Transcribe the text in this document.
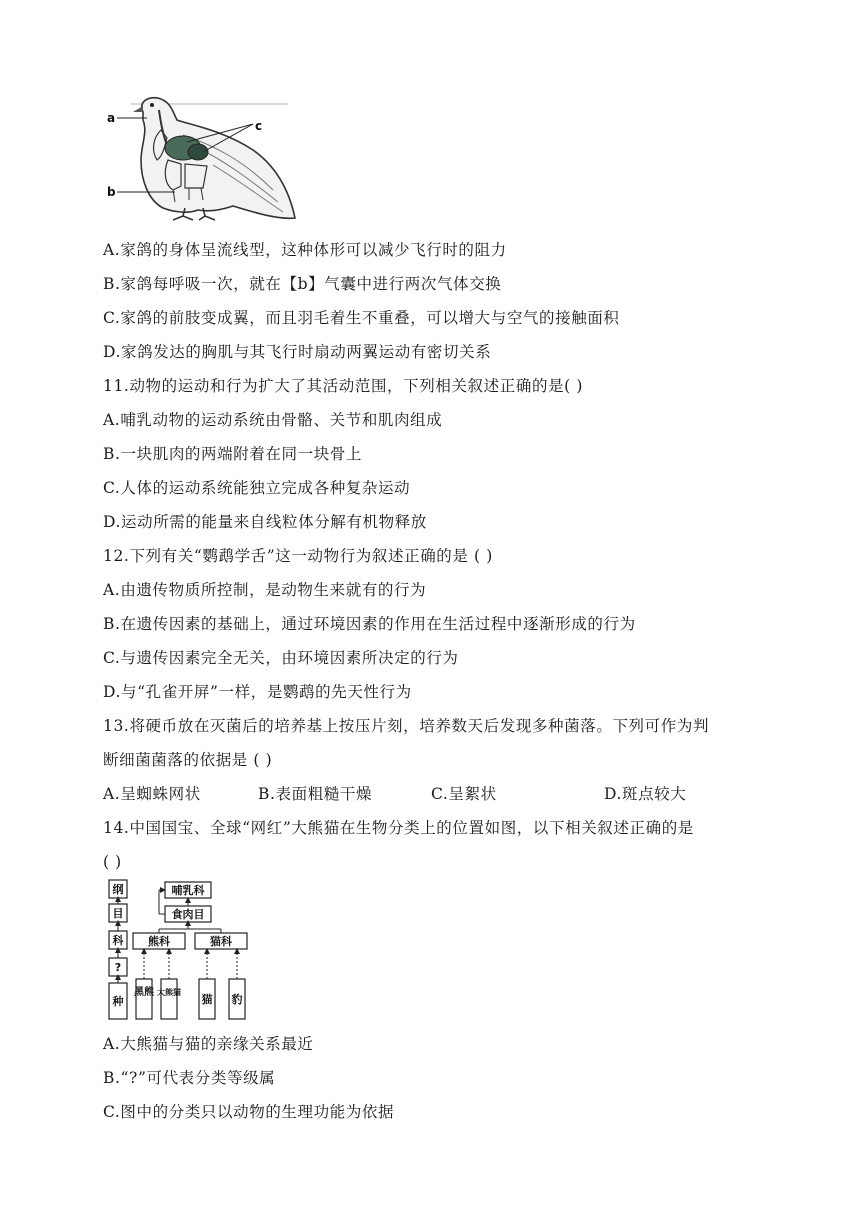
a
b
c
A.家鸽的身体呈流线型，这种体形可以减少飞行时的阻力
B.家鸽每呼吸一次，就在【b】气囊中进行两次气体交换
C.家鸽的前肢变成翼，而且羽毛着生不重叠，可以增大与空气的接触面积
D.家鸽发达的胸肌与其飞行时扇动两翼运动有密切关系
11.动物的运动和行为扩大了其活动范围，下列相关叙述正确的是( )
A.哺乳动物的运动系统由骨骼、关节和肌肉组成
B.一块肌肉的两端附着在同一块骨上
C.人体的运动系统能独立完成各种复杂运动
D.运动所需的能量来自线粒体分解有机物释放
12.下列有关“鹦鹉学舌”这一动物行为叙述正确的是 ( )
A.由遗传物质所控制，是动物生来就有的行为
B.在遗传因素的基础上，通过环境因素的作用在生活过程中逐渐形成的行为
C.与遗传因素完全无关，由环境因素所决定的行为
D.与“孔雀开屏”一样，是鹦鹉的先天性行为
13.将硬币放在灭菌后的培养基上按压片刻，培养数天后发现多种菌落。下列可作为判
断细菌菌落的依据是 ( )
A.呈蜘蛛网状	B.表面粗糙干燥	C.呈絮状	D.斑点较大
14.中国国宝、全球“网红”大熊猫在生物分类上的位置如图，以下相关叙述正确的是
( )
纲
目
科
?
种
哺乳科
食肉目
熊科	猫科
黑熊 大熊猫
猫 豹
A.大熊猫与猫的亲缘关系最近
B.“?”可代表分类等级属
C.图中的分类只以动物的生理功能为依据
